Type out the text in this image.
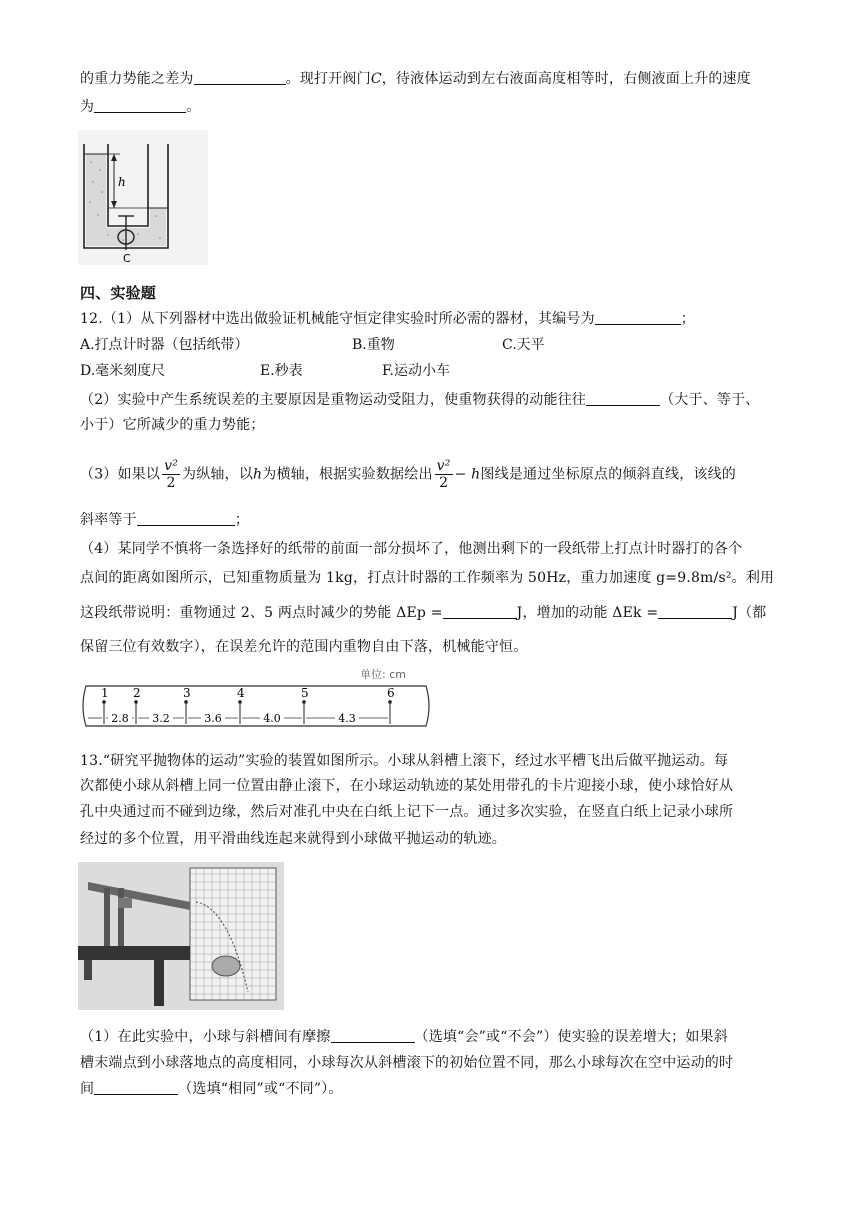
的重力势能之差为	。现打开阀门C，待液体运动到左右液面高度相等时，右侧液面上升的速度
为	。
h
C
四、实验题
12.（1）从下列器材中选出做验证机械能守恒定律实验时所必需的器材，其编号为	；
A.打点计时器（包括纸带）	B.重物	C.天平
D.毫米刻度尺	E.秒表	F.运动小车
（2）实验中产生系统误差的主要原因是重物运动受阻力，使重物获得的动能往往	（大于、等于、
小于）它所减少的重力势能；
（3）如果以 $\frac{\text{v²}}{2}$ 为纵轴，以h为横轴，根据实验数据绘出 $\frac{\text{v²}}{2} - h$图线是通过坐标原点的倾斜直线，该线的
斜率等于	；
（4）某同学不慎将一条选择好的纸带的前面一部分损坏了，他测出剩下的一段纸带上打点计时器打的各个
点间的距离如图所示，已知重物质量为 1kg，打点计时器的工作频率为 50Hz，重力加速度 g=9.8m/s²。利用
这段纸带说明：重物通过 2、5 两点时减少的势能 ΔEp =	J，增加的动能 ΔEk =	J（都
保留三位有效数字），在误差允许的范围内重物自由下落，机械能守恒。
单位: cm
1 2	3	4	5	6
2.8 3.2	3.6	4.0	4.3
13.“研究平抛物体的运动”实验的装置如图所示。小球从斜槽上滚下，经过水平槽飞出后做平抛运动。每
次都使小球从斜槽上同一位置由静止滚下，在小球运动轨迹的某处用带孔的卡片迎接小球，使小球恰好从
孔中央通过而不碰到边缘，然后对准孔中央在白纸上记下一点。通过多次实验，在竖直白纸上记录小球所
经过的多个位置，用平滑曲线连起来就得到小球做平抛运动的轨迹。
（1）在此实验中，小球与斜槽间有摩擦	（选填“会”或“不会”）使实验的误差增大；如果斜
槽末端点到小球落地点的高度相同，小球每次从斜槽滚下的初始位置不同，那么小球每次在空中运动的时
间	（选填“相同”或“不同”）。
